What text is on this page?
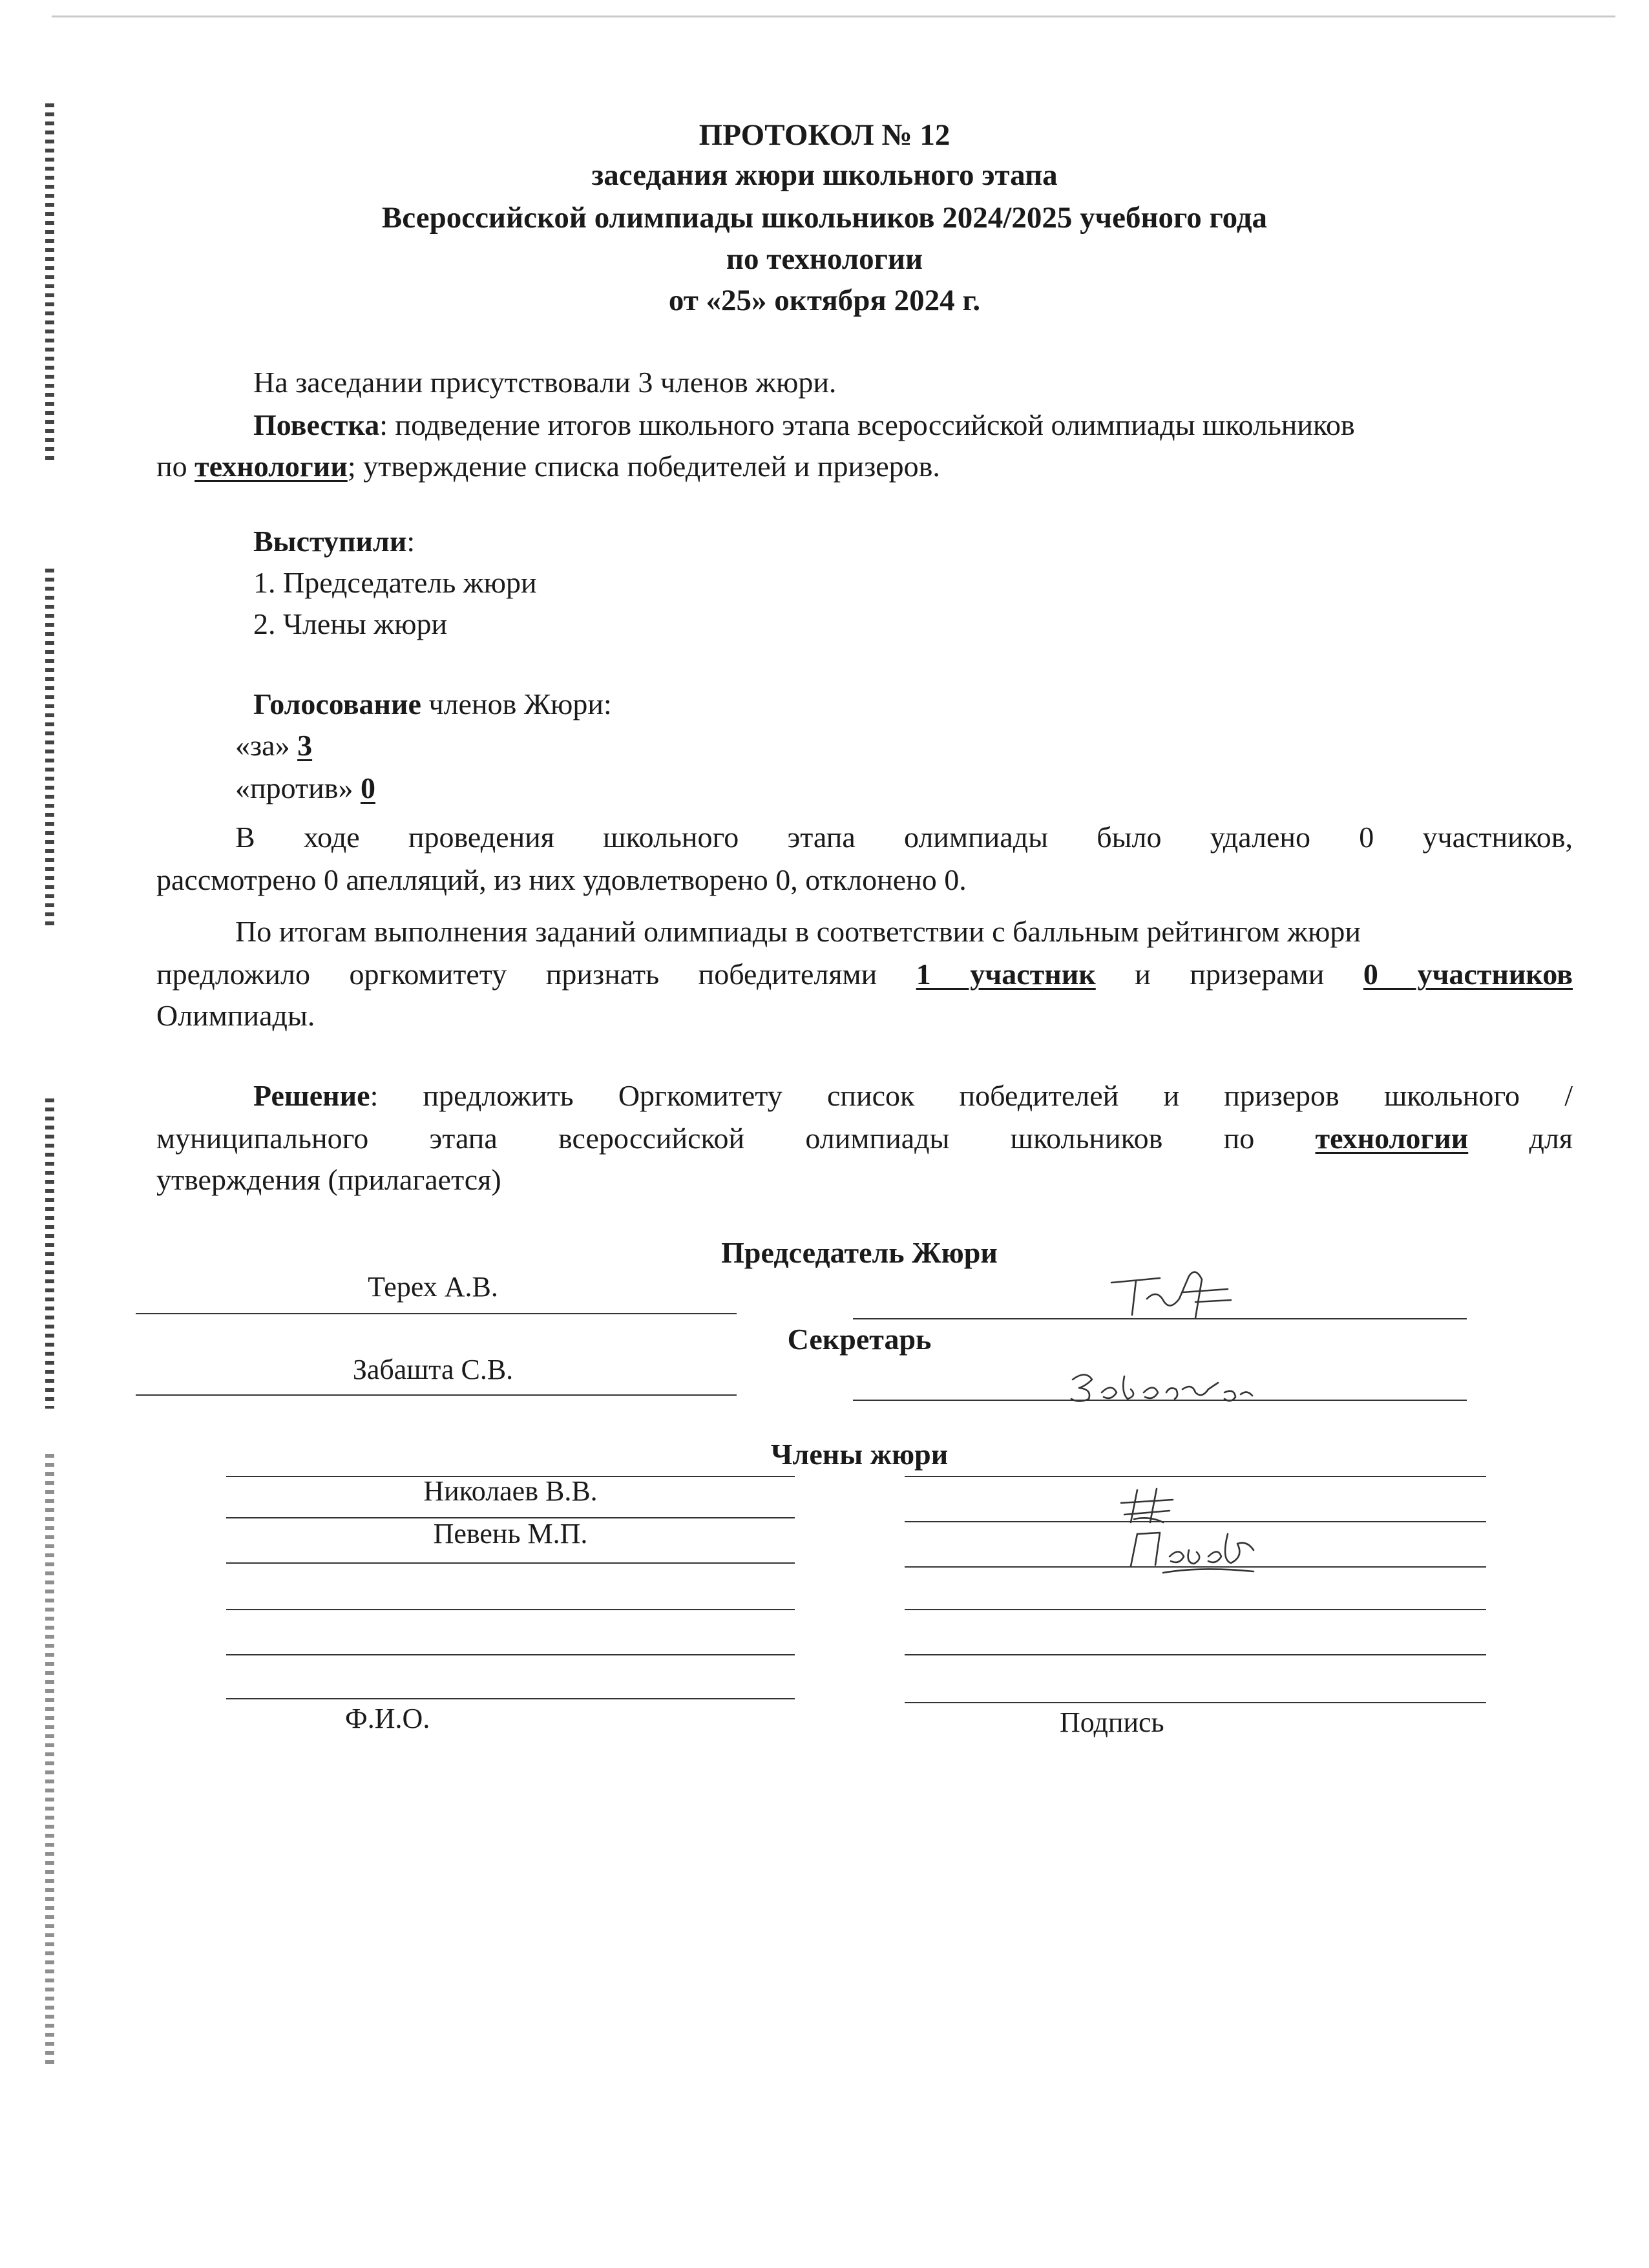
ПРОТОКОЛ № 12
заседания жюри школьного этапа
Всероссийской олимпиады школьников 2024/2025 учебного года
по технологии
от «25» октября 2024 г.
На заседании присутствовали 3 членов жюри.
Повестка: подведение итогов школьного этапа всероссийской олимпиады школьников
по технологии; утверждение списка победителей и призеров.
Выступили:
1. Председатель жюри
2. Члены жюри
Голосование членов Жюри:
«за» 3
«против» 0
В ходе проведения школьного этапа олимпиады было удалено 0 участников,
рассмотрено 0 апелляций, из них удовлетворено 0, отклонено 0.
По итогам выполнения заданий олимпиады в соответствии с балльным рейтингом жюри
предложило оргкомитету признать победителями 1 участник и призерами 0 участников
Олимпиады.
Решение: предложить Оргкомитету список победителей и призеров школьного /
муниципального этапа всероссийской олимпиады школьников по технологии для
утверждения (прилагается)
Председатель Жюри
Терех А.В.
Секретарь
Забашта С.В.
Члены жюри
Николаев В.В.
Певень М.П.
Ф.И.О.	Подпись
